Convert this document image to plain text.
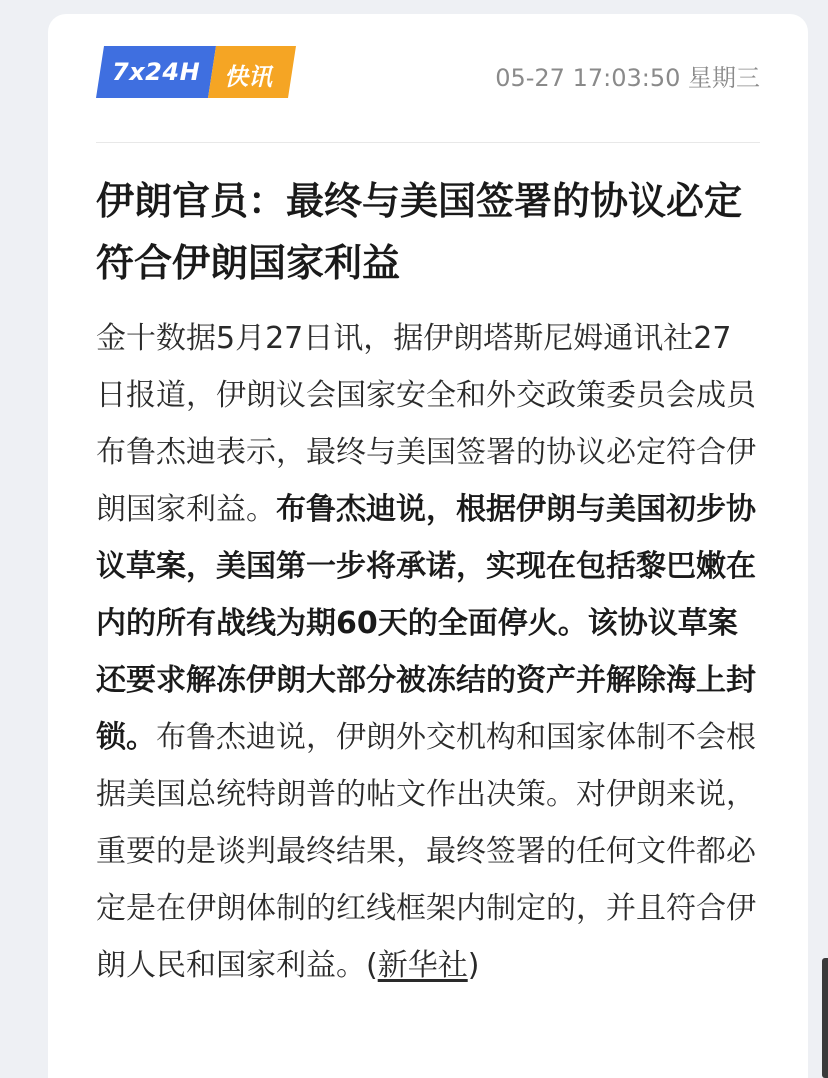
7x24H 快讯	05-27 17:03:50 星期三
伊朗官员：最终与美国签署的协议必定符合伊朗国家利益

金十数据5月27日讯，据伊朗塔斯尼姆通讯社27日报道，伊朗议会国家安全和外交政策委员会成员布鲁杰迪表示，最终与美国签署的协议必定符合伊朗国家利益。布鲁杰迪说，根据伊朗与美国初步协议草案，美国第一步将承诺，实现在包括黎巴嫩在内的所有战线为期60天的全面停火。该协议草案还要求解冻伊朗大部分被冻结的资产并解除海上封锁。布鲁杰迪说，伊朗外交机构和国家体制不会根据美国总统特朗普的帖文作出决策。对伊朗来说，重要的是谈判最终结果，最终签署的任何文件都必定是在伊朗体制的红线框架内制定的，并且符合伊朗人民和国家利益。(新华社)
